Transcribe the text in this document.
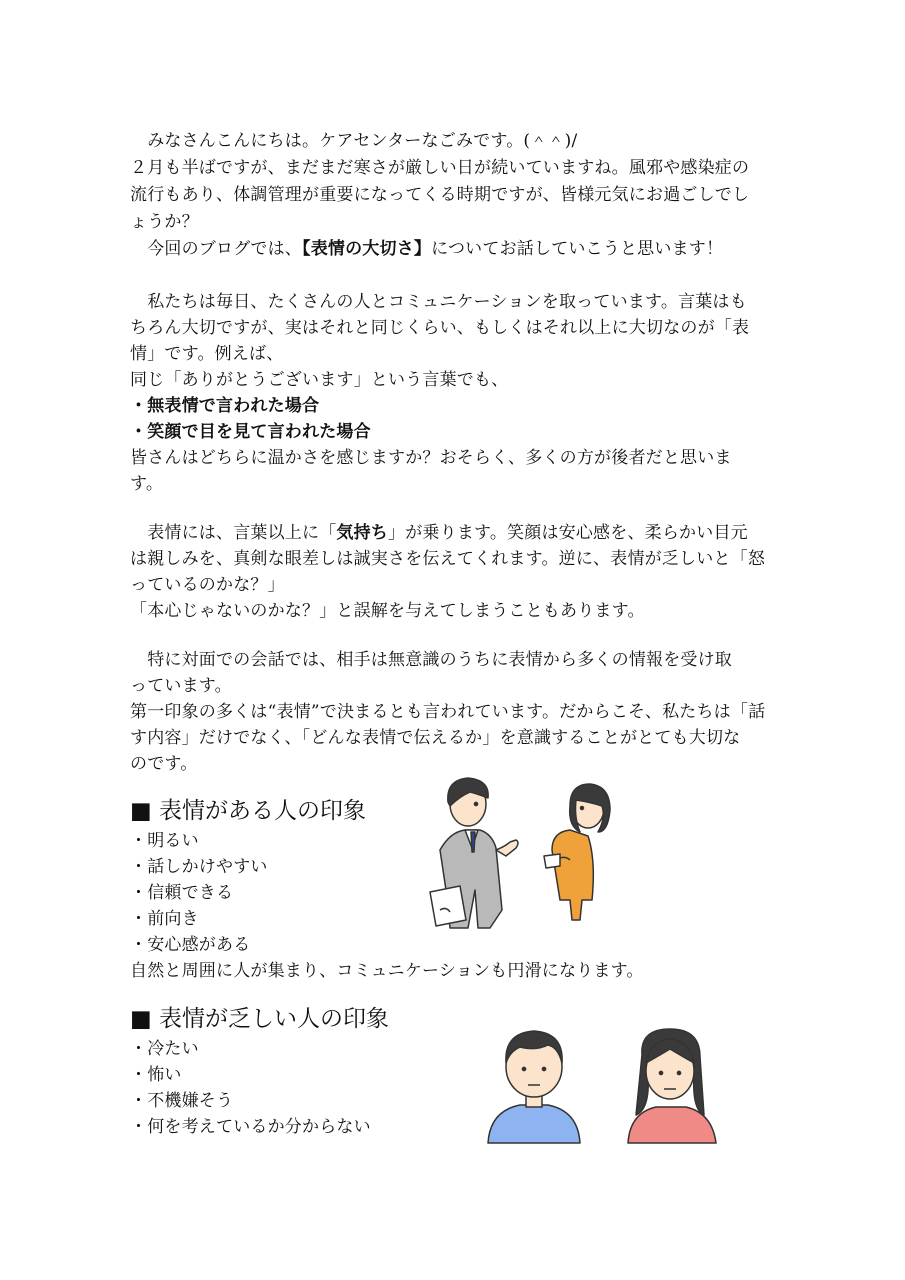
　みなさんこんにちは。ケアセンターなごみです。(＾＾)/
２月も半ばですが、まだまだ寒さが厳しい日が続いていますね。風邪や感染症の
流行もあり、体調管理が重要になってくる時期ですが、皆様元気にお過ごしでし
ょうか？
　今回のブログでは、【表情の大切さ】についてお話していこうと思います！
　私たちは毎日、たくさんの人とコミュニケーションを取っています。言葉はも
ちろん大切ですが、実はそれと同じくらい、もしくはそれ以上に大切なのが「表
情」です。例えば、
同じ「ありがとうございます」という言葉でも、
・無表情で言われた場合
・笑顔で目を見て言われた場合
皆さんはどちらに温かさを感じますか？おそらく、多くの方が後者だと思いま
す。
　表情には、言葉以上に「気持ち」が乗ります。笑顔は安心感を、柔らかい目元
は親しみを、真剣な眼差しは誠実さを伝えてくれます。逆に、表情が乏しいと「怒
っているのかな？」
「本心じゃないのかな？」と誤解を与えてしまうこともあります。
　特に対面での会話では、相手は無意識のうちに表情から多くの情報を受け取
っています。
第一印象の多くは“表情”で決まるとも言われています。だからこそ、私たちは「話
す内容」だけでなく、「どんな表情で伝えるか」を意識することがとても大切な
のです。
■ 表情がある人の印象
・明るい
・話しかけやすい
・信頼できる
・前向き
・安心感がある
自然と周囲に人が集まり、コミュニケーションも円滑になります。
■ 表情が乏しい人の印象
・冷たい
・怖い
・不機嫌そう
・何を考えているか分からない
